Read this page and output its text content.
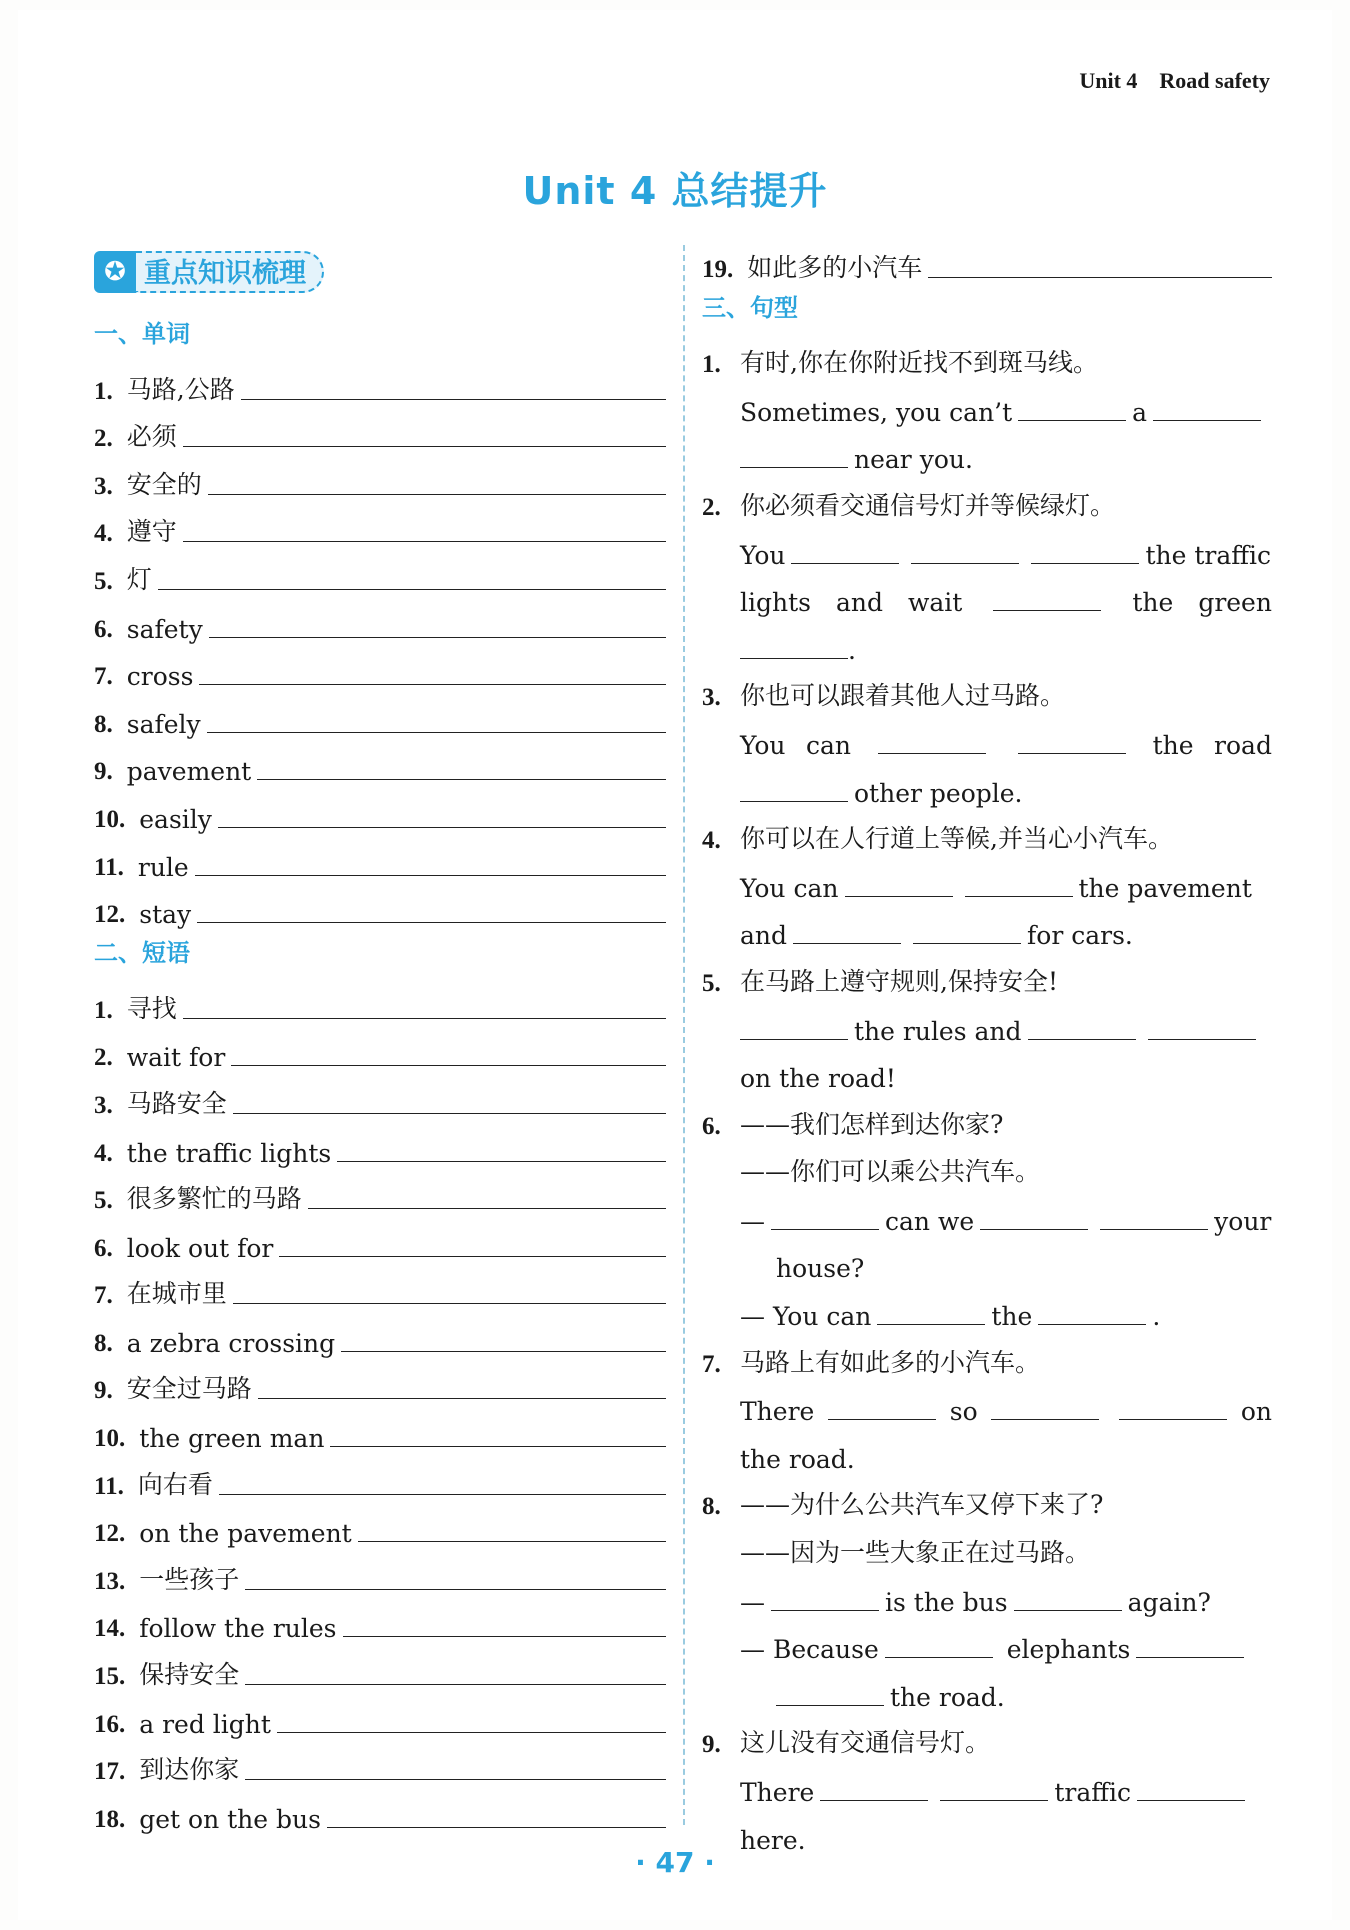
Unit 4 Road safety
Unit 4 总结提升
✪ 重点知识梳理
一、单词
1. 马路,公路
2. 必须
3. 安全的
4. 遵守
5. 灯
6. safety
7. cross
8. safely
9. pavement
10. easily
11. rule
12. stay
二、短语
1. 寻找
2. wait for
3. 马路安全
4. the traffic lights
5. 很多繁忙的马路
6. look out for
7. 在城市里
8. a zebra crossing
9. 安全过马路
10. the green man
11. 向右看
12. on the pavement
13. 一些孩子
14. follow the rules
15. 保持安全
16. a red light
17. 到达你家
18. get on the bus
19. 如此多的小汽车
三、句型
1. 有时,你在你附近找不到斑马线。
Sometimes, you can’t	a
near you.
2. 你必须看交通信号灯并等候绿灯。
You	the traffic
lights and wait	the green
.
3. 你也可以跟着其他人过马路。
You can	the road
other people.
4. 你可以在人行道上等候,并当心小汽车。
You can	the pavement
and	for cars.
5. 在马路上遵守规则,保持安全!
the rules and
on the road!
6. ——我们怎样到达你家?
——你们可以乘公共汽车。
—	can we	your
house?
— You can	the	.
7. 马路上有如此多的小汽车。
There	so	on
the road.
8. ——为什么公共汽车又停下来了?
——因为一些大象正在过马路。
—	is the bus	again?
— Because	elephants
the road.
9. 这儿没有交通信号灯。
There	traffic
here.
· 47 ·
